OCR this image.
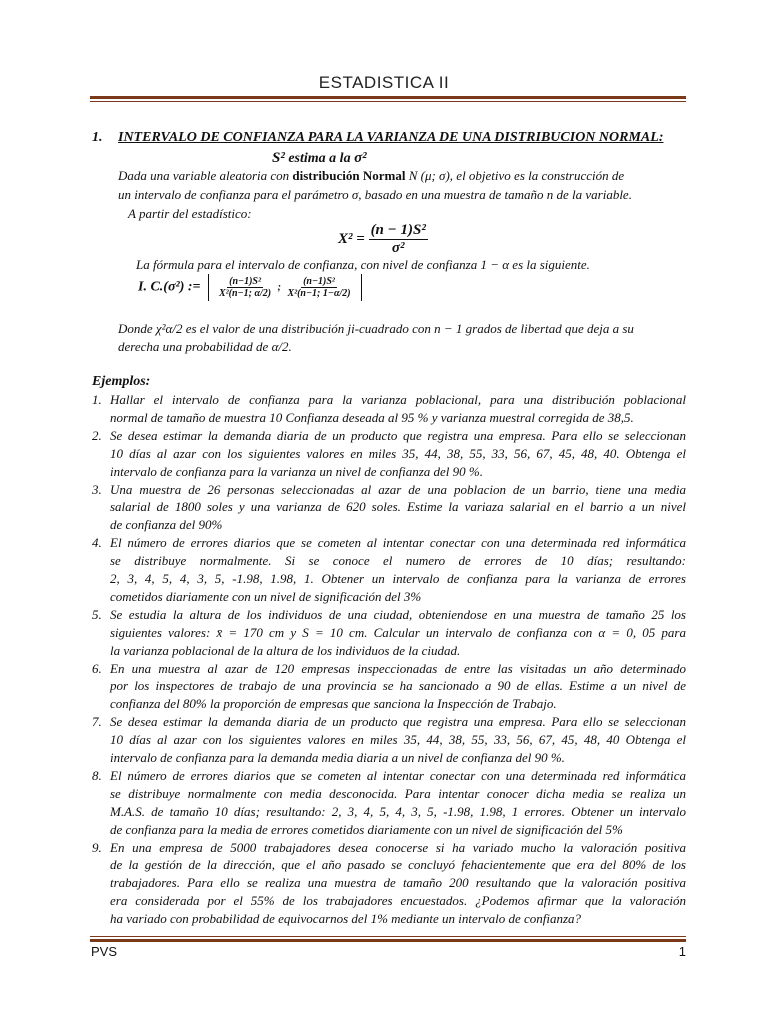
ESTADISTICA II
1. INTERVALO DE CONFIANZA PARA LA VARIANZA DE UNA DISTRIBUCION NORMAL:
S² estima a la σ²
Dada una variable aleatoria con distribución Normal N (μ; σ), el objetivo es la construcción de
un intervalo de confianza para el parámetro σ, basado en una muestra de tamaño n de la variable.
A partir del estadístico:
$X^2 = \frac{\text{(n − 1)S²}}{\text{σ²}}$
La fórmula para el intervalo de confianza, con nivel de confianza 1 − α es la siguiente.
I. C.(σ²) := $\frac{\text{(n−1)S²}}{\text{X²(n−1; α/2)}}$ ; $\frac{\text{(n−1)S²}}{\text{X²(n−1; 1−α/2)}}$
Donde χ²α/2 es el valor de una distribución ji-cuadrado con n − 1 grados de libertad que deja a su
derecha una probabilidad de α/2.
Ejemplos:
1. Hallar el intervalo de confianza para la varianza poblacional, para una distribución poblacional
normal de tamaño de muestra 10 Confianza deseada al 95 % y varianza muestral corregida de 38,5.
2. Se desea estimar la demanda diaria de un producto que registra una empresa. Para ello se seleccionan
10 días al azar con los siguientes valores en miles 35, 44, 38, 55, 33, 56, 67, 45, 48, 40. Obtenga el
intervalo de confianza para la varianza un nivel de confianza del 90 %.
3. Una muestra de 26 personas seleccionadas al azar de una poblacion de un barrio, tiene una media
salarial de 1800 soles y una varianza de 620 soles. Estime la variaza salarial en el barrio a un nivel
de confianza del 90%
4. El número de errores diarios que se cometen al intentar conectar con una determinada red informática
se distribuye normalmente. Si se conoce el numero de errores de 10 días; resultando:
2, 3, 4, 5, 4, 3, 5, -1.98, 1.98, 1. Obtener un intervalo de confianza para la varianza de errores
cometidos diariamente con un nivel de significación del 3%
5. Se estudia la altura de los individuos de una ciudad, obteniendose en una muestra de tamaño 25 los
siguientes valores: x̄ = 170 cm y S = 10 cm. Calcular un intervalo de confianza con α = 0, 05 para
la varianza poblacional de la altura de los individuos de la ciudad.
6. En una muestra al azar de 120 empresas inspeccionadas de entre las visitadas un año determinado
por los inspectores de trabajo de una provincia se ha sancionado a 90 de ellas. Estime a un nivel de
confianza del 80% la proporción de empresas que sanciona la Inspección de Trabajo.
7. Se desea estimar la demanda diaria de un producto que registra una empresa. Para ello se seleccionan
10 días al azar con los siguientes valores en miles 35, 44, 38, 55, 33, 56, 67, 45, 48, 40 Obtenga el
intervalo de confianza para la demanda media diaria a un nivel de confianza del 90 %.
8. El número de errores diarios que se cometen al intentar conectar con una determinada red informática
se distribuye normalmente con media desconocida. Para intentar conocer dicha media se realiza un
M.A.S. de tamaño 10 días; resultando: 2, 3, 4, 5, 4, 3, 5, -1.98, 1.98, 1 errores. Obtener un intervalo
de confianza para la media de errores cometidos diariamente con un nivel de significación del 5%
9. En una empresa de 5000 trabajadores desea conocerse si ha variado mucho la valoración positiva
de la gestión de la dirección, que el año pasado se concluyó fehacientemente que era del 80% de los
trabajadores. Para ello se realiza una muestra de tamaño 200 resultando que la valoración positiva
era considerada por el 55% de los trabajadores encuestados. ¿Podemos afirmar que la valoración
ha variado con probabilidad de equivocarnos del 1% mediante un intervalo de confianza?
PVS	1
